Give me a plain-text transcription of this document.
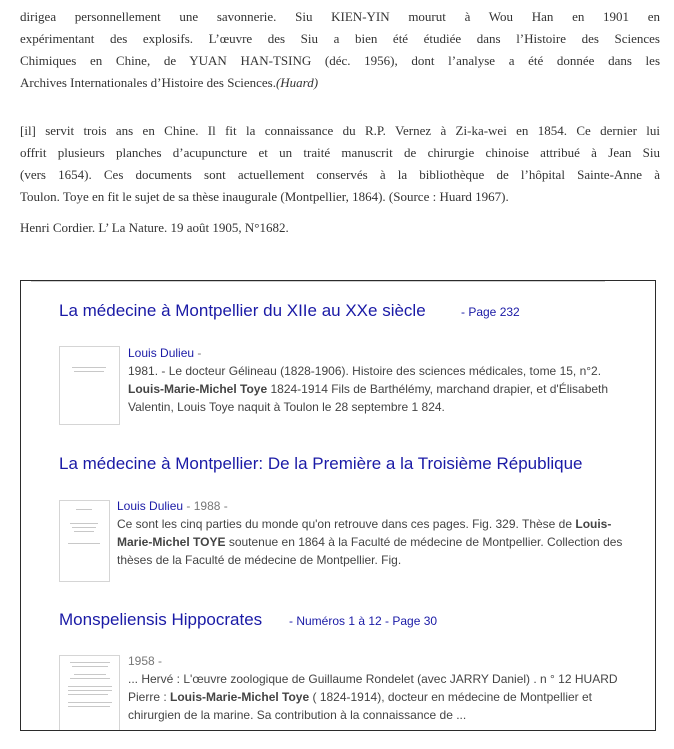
dirigea personnellement une savonnerie. Siu KIEN-YIN mourut à Wou Han en 1901 en
expérimentant des explosifs. L’œuvre des Siu a bien été étudiée dans l’Histoire des Sciences
Chimiques en Chine, de YUAN HAN-TSING (déc. 1956), dont l’analyse a été donnée dans les
Archives Internationales d’Histoire des Sciences.(Huard)
[il] servit trois ans en Chine. Il fit la connaissance du R.P. Vernez à Zi-ka-wei en 1854. Ce dernier lui
offrit plusieurs planches d’acupuncture et un traité manuscrit de chirurgie chinoise attribué à Jean Siu
(vers 1654). Ces documents sont actuellement conservés à la bibliothèque de l’hôpital Sainte-Anne à
Toulon. Toye en fit le sujet de sa thèse inaugurale (Montpellier, 1864). (Source : Huard 1967).
Henri Cordier. L’ La Nature. 19 août 1905, N°1682.
La médecine à Montpellier du XIIe au XXe siècle	- Page 232
Louis Dulieu -
1981. - Le docteur Gélineau (1828-1906). Histoire des sciences médicales, tome 15, n°2.
Louis-Marie-Michel Toye 1824-1914 Fils de Barthélémy, marchand drapier, et d'Élisabeth
Valentin, Louis Toye naquit à Toulon le 28 septembre 1 824.
La médecine à Montpellier: De la Première a la Troisième République
Louis Dulieu - 1988 -
Ce sont les cinq parties du monde qu'on retrouve dans ces pages. Fig. 329. Thèse de Louis-
Marie-Michel TOYE soutenue en 1864 à la Faculté de médecine de Montpellier. Collection des
thèses de la Faculté de médecine de Montpellier. Fig.
Monspeliensis Hippocrates	- Numéros 1 à 12 - Page 30
1958 -
... Hervé : L'œuvre zoologique de Guillaume Rondelet (avec JARRY Daniel) . n ° 12 HUARD
Pierre : Louis-Marie-Michel Toye ( 1824-1914), docteur en médecine de Montpellier et
chirurgien de la marine. Sa contribution à la connaissance de ...
